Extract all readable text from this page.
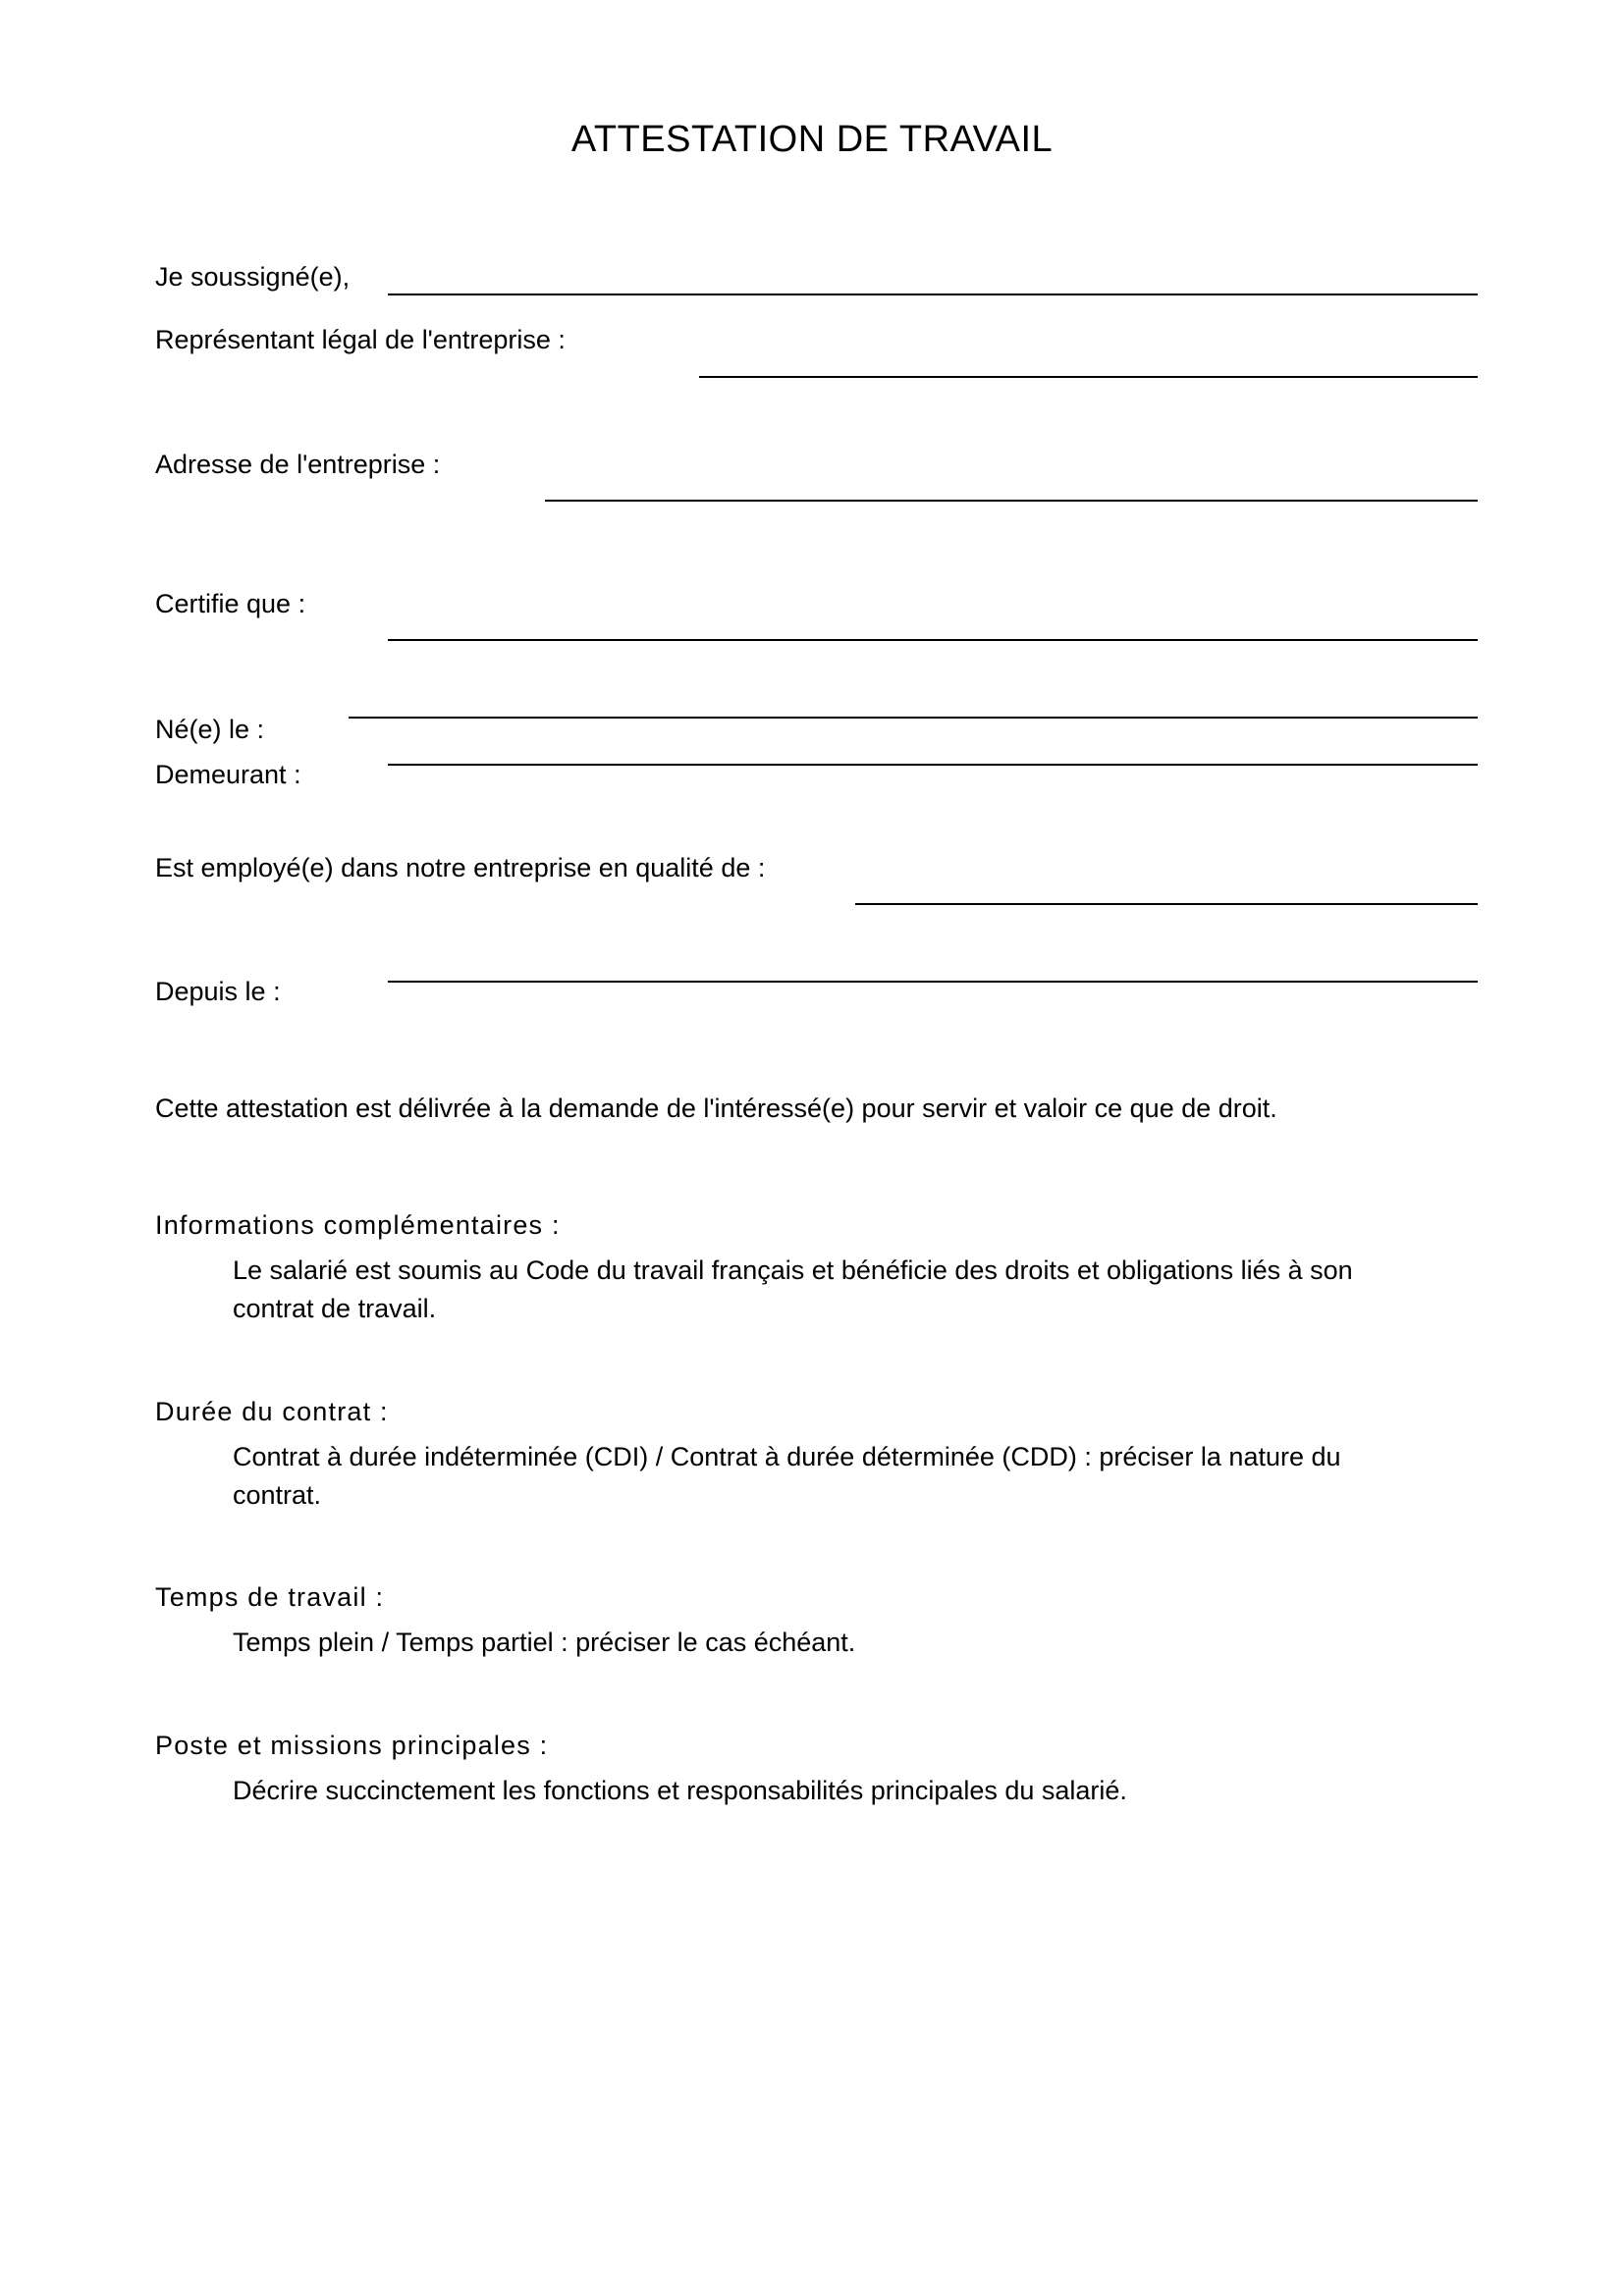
ATTESTATION DE TRAVAIL
Je soussigné(e),
Représentant légal de l'entreprise :
Adresse de l'entreprise :
Certifie que :
Né(e) le :
Demeurant :
Est employé(e) dans notre entreprise en qualité de :
Depuis le :
Cette attestation est délivrée à la demande de l'intéressé(e) pour servir et valoir ce que de droit.
Informations complémentaires :
Le salarié est soumis au Code du travail français et bénéficie des droits et obligations liés à son contrat de travail.
Durée du contrat :
Contrat à durée indéterminée (CDI) / Contrat à durée déterminée (CDD) : préciser la nature du contrat.
Temps de travail :
Temps plein / Temps partiel : préciser le cas échéant.
Poste et missions principales :
Décrire succinctement les fonctions et responsabilités principales du salarié.
